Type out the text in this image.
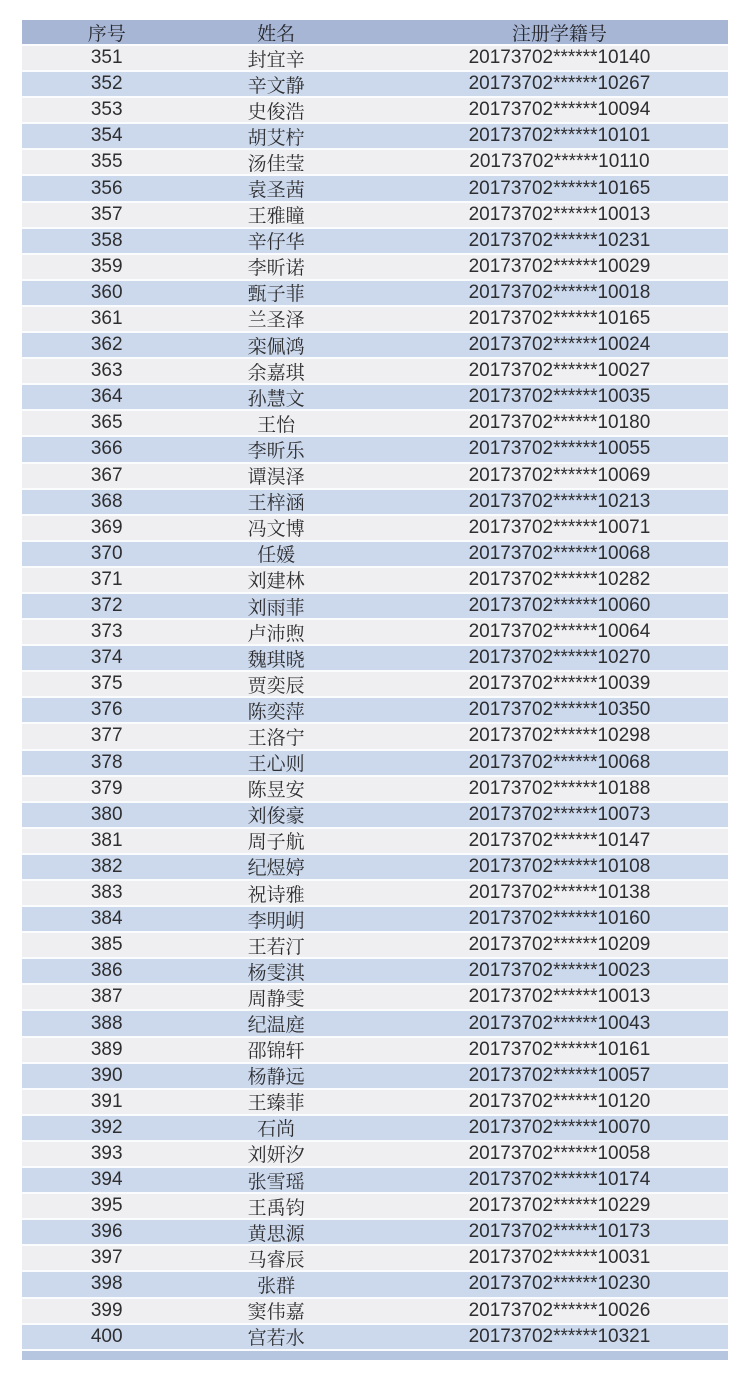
序号	姓名	注册学籍号
351	封宜辛	20173702******10140
352	辛文静	20173702******10267
353	史俊浩	20173702******10094
354	胡艾柠	20173702******10101
355	汤佳莹	20173702******10110
356	袁圣茜	20173702******10165
357	王雅瞳	20173702******10013
358	辛仔华	20173702******10231
359	李昕诺	20173702******10029
360	甄子菲	20173702******10018
361	兰圣泽	20173702******10165
362	栾佩鸿	20173702******10024
363	余嘉琪	20173702******10027
364	孙慧文	20173702******10035
365	王怡	20173702******10180
366	李昕乐	20173702******10055
367	谭淏泽	20173702******10069
368	王梓涵	20173702******10213
369	冯文博	20173702******10071
370	任媛	20173702******10068
371	刘建林	20173702******10282
372	刘雨菲	20173702******10060
373	卢沛煦	20173702******10064
374	魏琪晓	20173702******10270
375	贾奕辰	20173702******10039
376	陈奕萍	20173702******10350
377	王洛宁	20173702******10298
378	王心则	20173702******10068
379	陈昱安	20173702******10188
380	刘俊豪	20173702******10073
381	周子航	20173702******10147
382	纪煜婷	20173702******10108
383	祝诗雅	20173702******10138
384	李明岄	20173702******10160
385	王若汀	20173702******10209
386	杨雯淇	20173702******10023
387	周静雯	20173702******10013
388	纪温庭	20173702******10043
389	邵锦轩	20173702******10161
390	杨静远	20173702******10057
391	王臻菲	20173702******10120
392	石尚	20173702******10070
393	刘妍汐	20173702******10058
394	张雪瑶	20173702******10174
395	王禹钧	20173702******10229
396	黄思源	20173702******10173
397	马睿辰	20173702******10031
398	张群	20173702******10230
399	窦伟嘉	20173702******10026
400	宫若水	20173702******10321
